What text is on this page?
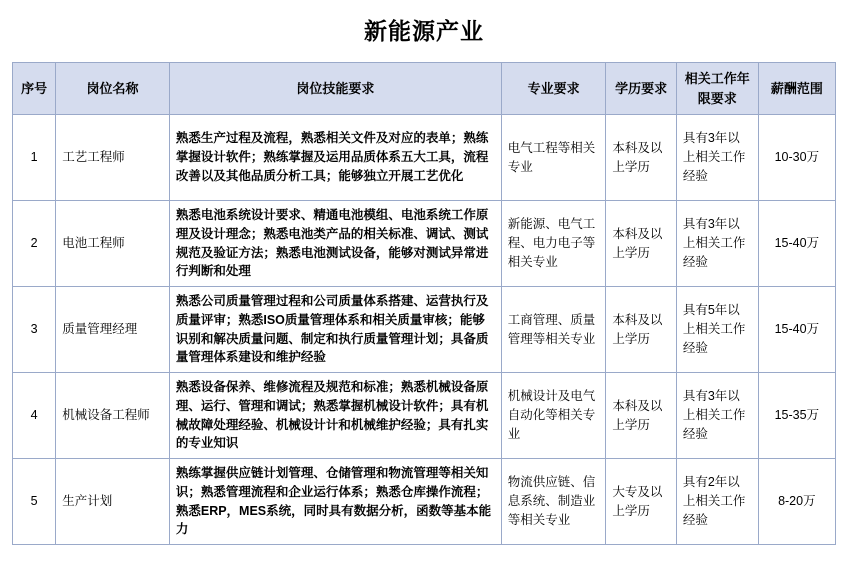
新能源产业
序号	岗位名称	岗位技能要求	专业要求	学历要求	相关工作年限要求	薪酬范围
1	工艺工程师	熟悉生产过程及流程，熟悉相关文件及对应的表单；熟练掌握设计软件；熟练掌握及运用品质体系五大工具，流程改善以及其他品质分析工具；能够独立开展工艺优化	电气工程等相关专业	本科及以上学历	具有3年以上相关工作经验	10-30万
2	电池工程师	熟悉电池系统设计要求、精通电池模组、电池系统工作原理及设计理念；熟悉电池类产品的相关标准、调试、测试规范及验证方法；熟悉电池测试设备，能够对测试异常进行判断和处理	新能源、电气工程、电力电子等相关专业	本科及以上学历	具有3年以上相关工作经验	15-40万
3	质量管理经理	熟悉公司质量管理过程和公司质量体系搭建、运营执行及质量评审；熟悉ISO质量管理体系和相关质量审核；能够识别和解决质量问题、制定和执行质量管理计划；具备质量管理体系建设和维护经验	工商管理、质量管理等相关专业	本科及以上学历	具有5年以上相关工作经验	15-40万
4	机械设备工程师	熟悉设备保养、维修流程及规范和标准；熟悉机械设备原理、运行、管理和调试；熟悉掌握机械设计软件；具有机械故障处理经验、机械设计计和机械维护经验；具有扎实的专业知识	机械设计及电气自动化等相关专业	本科及以上学历	具有3年以上相关工作经验	15-35万
5	生产计划	熟练掌握供应链计划管理、仓储管理和物流管理等相关知识；熟悉管理流程和企业运行体系；熟悉仓库操作流程；熟悉ERP，MES系统，同时具有数据分析，函数等基本能力	物流供应链、信息系统、制造业等相关专业	大专及以上学历	具有2年以上相关工作经验	8-20万
